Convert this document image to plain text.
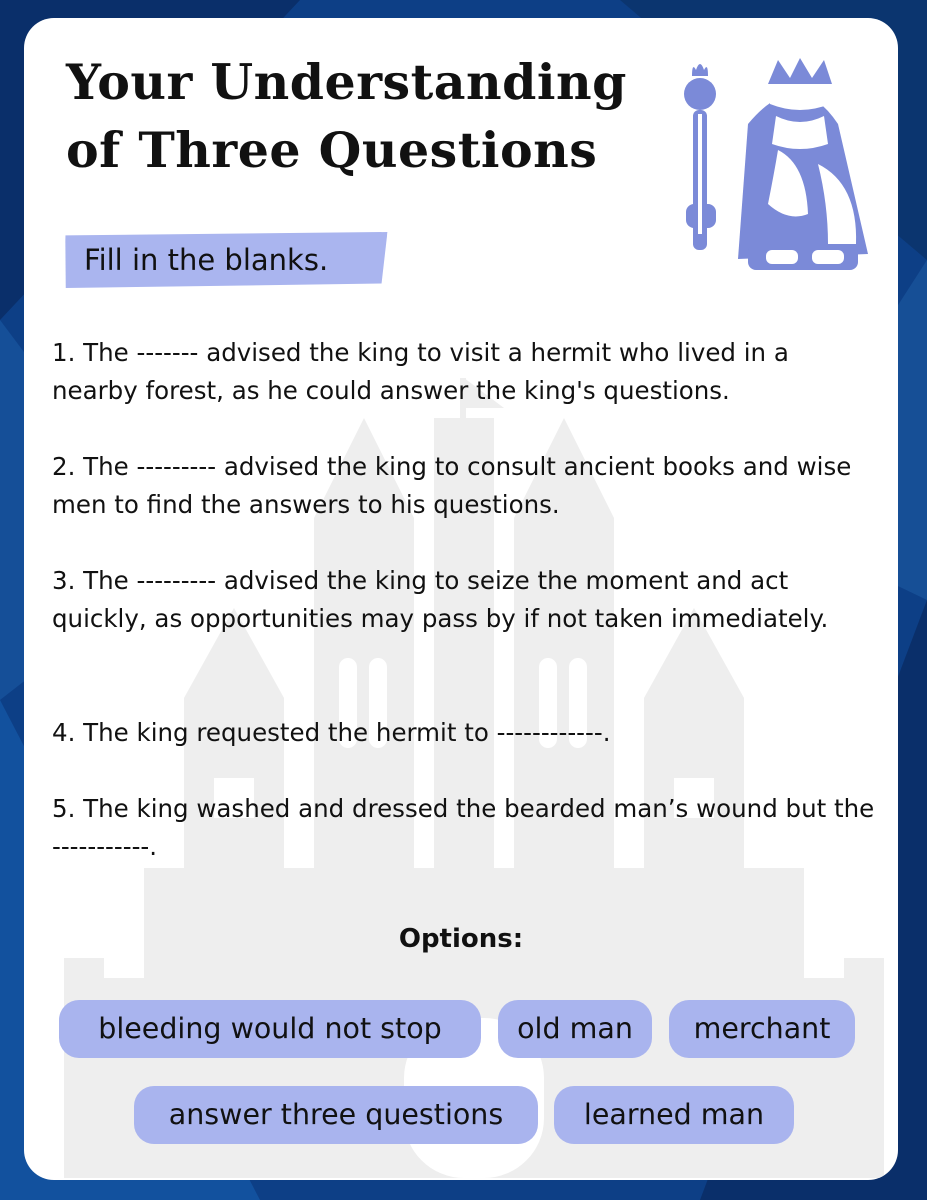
Your Understanding
of Three Questions
Fill in the blanks.

1. The ------- advised the king to visit a hermit who lived in a nearby forest, as he could answer the king's questions.

2. The --------- advised the king to consult ancient books and wise men to find the answers to his questions.

3. The --------- advised the king to seize the moment and act quickly, as opportunities may pass by if not taken immediately.

4. The king requested the hermit to ------------.

5. The king washed and dressed the bearded man’s wound but the -----------.

Options:
bleeding would not stop	old man	merchant
answer three questions	learned man
